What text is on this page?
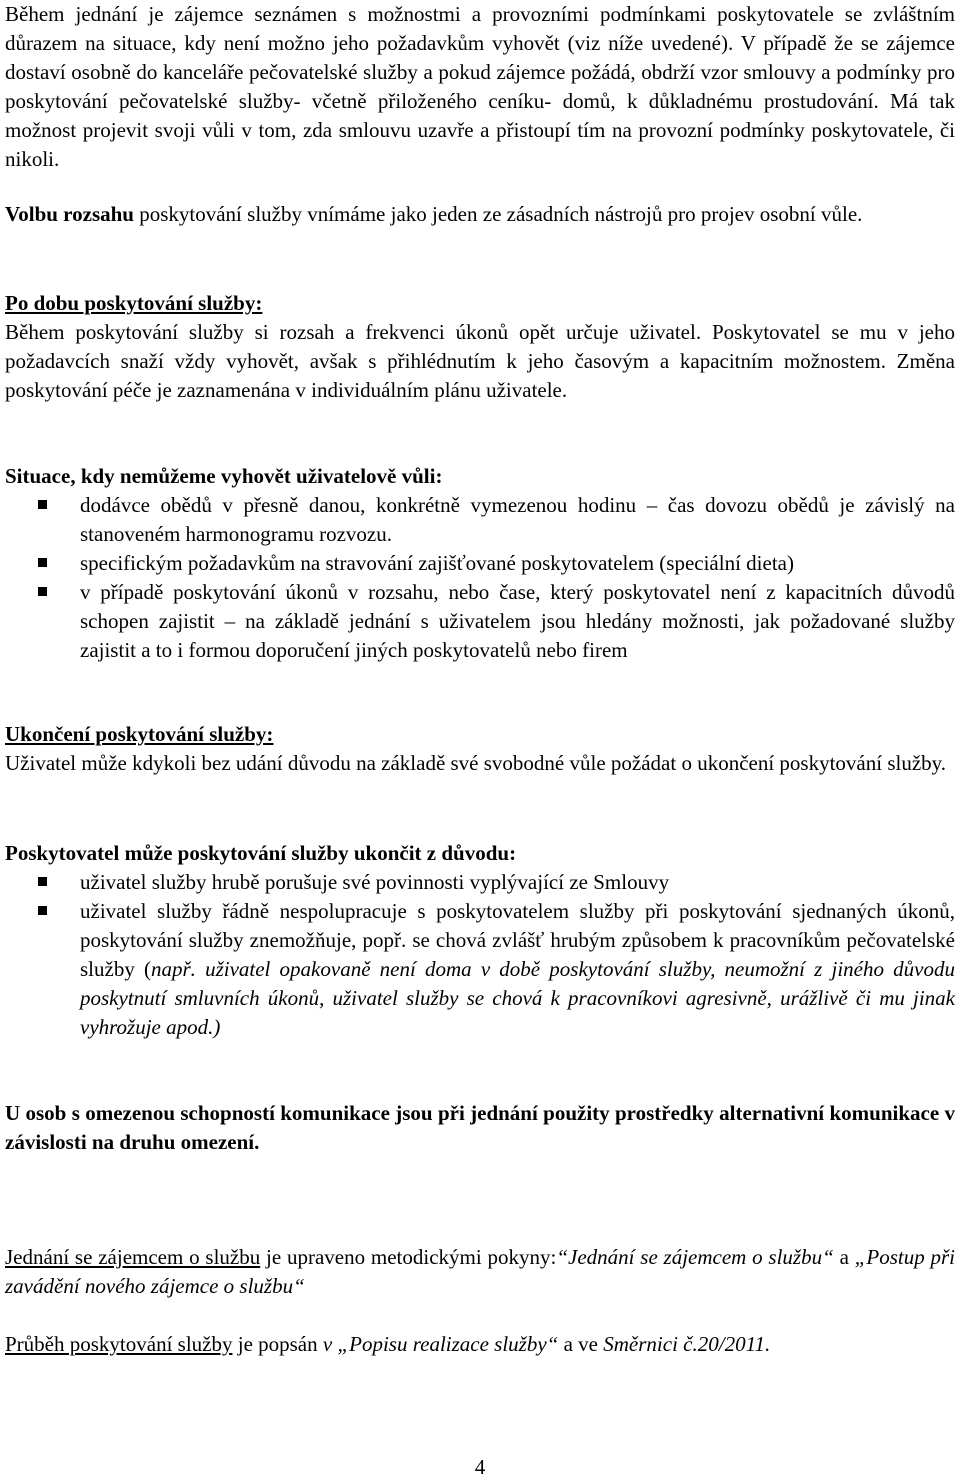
Během jednání je zájemce seznámen s možnostmi a provozními podmínkami poskytovatele se zvláštním důrazem na situace, kdy není možno jeho požadavkům vyhovět (viz níže uvedené). V případě že se zájemce dostaví osobně do kanceláře pečovatelské služby a pokud zájemce požádá, obdrží vzor smlouvy a podmínky pro poskytování pečovatelské služby- včetně přiloženého ceníku- domů, k důkladnému prostudování. Má tak možnost projevit svoji vůli v tom, zda smlouvu uzavře a přistoupí tím na provozní podmínky poskytovatele, či nikoli.

Volbu rozsahu poskytování služby vnímáme jako jeden ze zásadních nástrojů pro projev osobní vůle.

Po dobu poskytování služby:

Během poskytování služby si rozsah a frekvenci úkonů opět určuje uživatel. Poskytovatel se mu v jeho požadavcích snaží vždy vyhovět, avšak s přihlédnutím k jeho časovým a kapacitním možnostem. Změna poskytování péče je zaznamenána v individuálním plánu uživatele.

Situace, kdy nemůžeme vyhovět uživatelově vůli:

dodávce obědů v přesně danou, konkrétně vymezenou hodinu – čas dovozu obědů je závislý na stanoveném harmonogramu rozvozu.
specifickým požadavkům na stravování zajišťované poskytovatelem (speciální dieta)
v případě poskytování úkonů v rozsahu, nebo čase, který poskytovatel není z kapacitních důvodů schopen zajistit – na základě jednání s uživatelem jsou hledány možnosti, jak požadované služby zajistit a to i formou doporučení jiných poskytovatelů nebo firem

Ukončení poskytování služby:

Uživatel může kdykoli bez udání důvodu na základě své svobodné vůle požádat o ukončení poskytování služby.

Poskytovatel může poskytování služby ukončit z důvodu:

uživatel služby hrubě porušuje své povinnosti vyplývající ze Smlouvy
uživatel služby řádně nespolupracuje s poskytovatelem služby při poskytování sjednaných úkonů, poskytování služby znemožňuje, popř. se chová zvlášť hrubým způsobem k pracovníkům pečovatelské služby (např. uživatel opakovaně není doma v době poskytování služby, neumožní z jiného důvodu poskytnutí smluvních úkonů, uživatel služby se chová k pracovníkovi agresivně, urážlivě či mu jinak vyhrožuje apod.)

U osob s omezenou schopností komunikace jsou při jednání použity prostředky alternativní komunikace v závislosti na druhu omezení.

Jednání se zájemcem o službu je upraveno metodickými pokyny:“Jednání se zájemcem o službu“ a „Postup při zavádění nového zájemce o službu“

Průběh poskytování služby je popsán v „Popisu realizace služby“ a ve Směrnici č.20/2011.

4
